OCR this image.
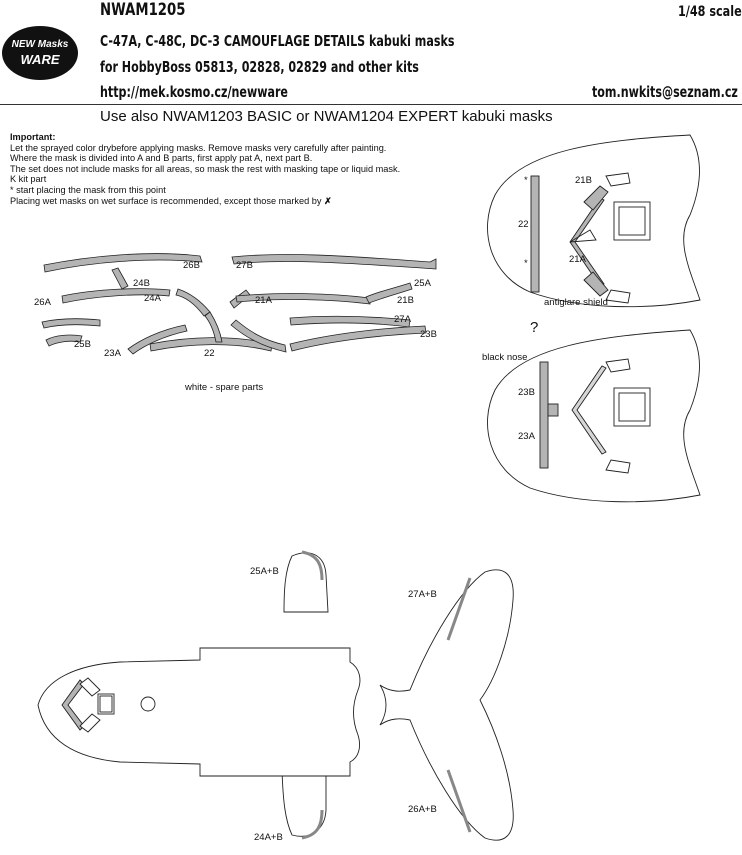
NEW Masks
WARE
NWAM1205	1/48 scale
C-47A, C-48C, DC-3 CAMOUFLAGE DETAILS kabuki masks
for HobbyBoss 05813, 02828, 02829 and other kits
http://mek.kosmo.cz/newware	tom.nwkits@seznam.cz
Use also NWAM1203 BASIC or NWAM1204 EXPERT kabuki masks
Important:
Let the sprayed color drybefore applying masks. Remove masks very carefully after painting.
Where the mask is divided into A and B parts, first apply pat A, next part B.
The set does not include masks for all areas, so mask the rest with masking tape or liquid mask.
K kit part
* start placing the mask from this point
Placing wet masks on wet surface is recommended, except those marked by ✗
26B	27B
24B
24A
26A	21A	21B
25A
27A
23B
25B
23A	22
white - spare parts
21B
22
21A
*
*
antiglare shield
?
black nose
23B
23A
25A+B
24A+B
27A+B
26A+B
